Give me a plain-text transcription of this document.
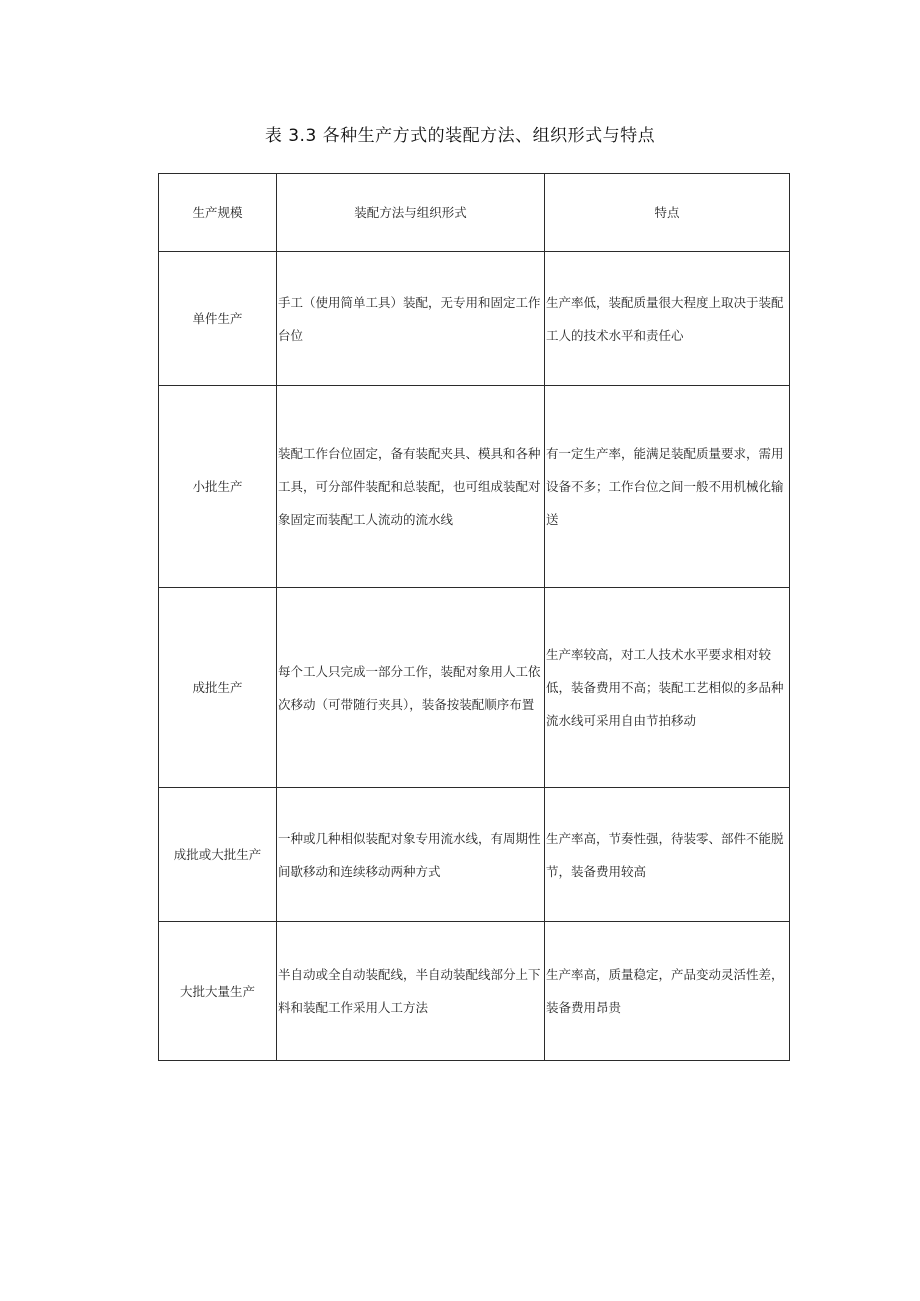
表 3.3 各种生产方式的装配方法、组织形式与特点
生产规模	装配方法与组织形式	特点
单件生产	手工（使用简单工具）装配，无专用和固定工作台位	生产率低，装配质量很大程度上取决于装配工人的技术水平和责任心
小批生产	装配工作台位固定，备有装配夹具、模具和各种工具，可分部件装配和总装配，也可组成装配对象固定而装配工人流动的流水线	有一定生产率，能满足装配质量要求，需用设备不多；工作台位之间一般不用机械化输送
成批生产	每个工人只完成一部分工作，装配对象用人工依次移动（可带随行夹具），装备按装配顺序布置	生产率较高，对工人技术水平要求相对较低，装备费用不高；装配工艺相似的多品种流水线可采用自由节拍移动
成批或大批生产	一种或几种相似装配对象专用流水线，有周期性间歇移动和连续移动两种方式	生产率高，节奏性强，待装零、部件不能脱节，装备费用较高
大批大量生产	半自动或全自动装配线，半自动装配线部分上下料和装配工作采用人工方法	生产率高，质量稳定，产品变动灵活性差，装备费用昂贵
